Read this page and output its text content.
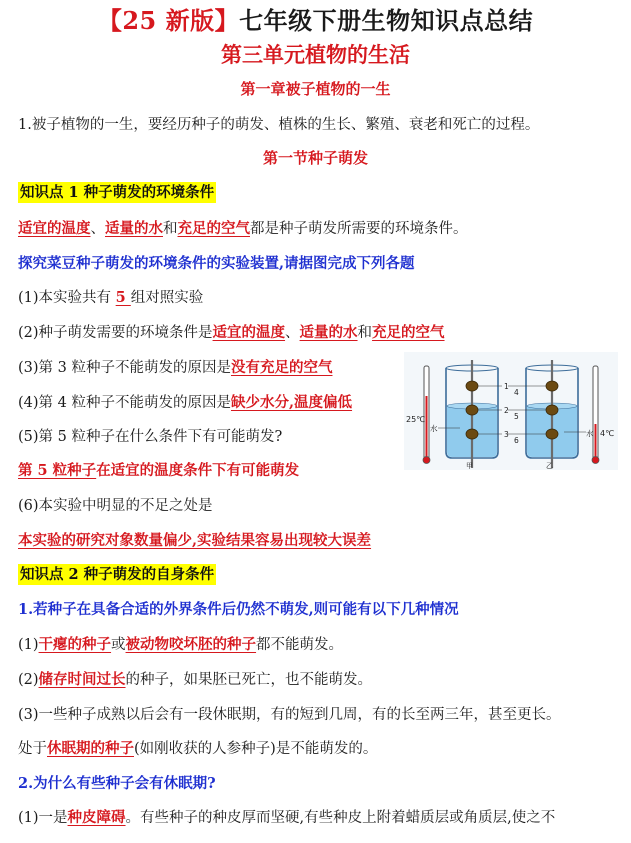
【25 新版】七年级下册生物知识点总结
第三单元植物的生活
第一章被子植物的一生
1.被子植物的一生，要经历种子的萌发、植株的生长、繁殖、衰老和死亡的过程。
第一节种子萌发
知识点 1 种子萌发的环境条件
适宜的温度、适量的水和充足的空气都是种子萌发所需要的环境条件。
探究菜豆种子萌发的环境条件的实验装置,请据图完成下列各题
(1)本实验共有 5 组对照实验
(2)种子萌发需要的环境条件是适宜的温度、适量的水和充足的空气
(3)第 3 粒种子不能萌发的原因是没有充足的空气
(4)第 4 粒种子不能萌发的原因是缺少水分,温度偏低
(5)第 5 粒种子在什么条件下有可能萌发?
第 5 粒种子在适宜的温度条件下有可能萌发
(6)本实验中明显的不足之处是
本实验的研究对象数量偏少,实验结果容易出现较大误差
知识点 2 种子萌发的自身条件
1.若种子在具备合适的外界条件后仍然不萌发,则可能有以下几种情况
(1)干瘪的种子或被动物咬坏胚的种子都不能萌发。
(2)储存时间过长的种子，如果胚已死亡，也不能萌发。
(3)一些种子成熟以后会有一段休眠期，有的短到几周，有的长至两三年，甚至更长。
处于休眠期的种子(如刚收获的人参种子)是不能萌发的。
2.为什么有些种子会有休眠期?
(1)一是种皮障碍。有些种子的种皮厚而坚硬,有些种皮上附着蜡质层或角质层,使之不
25℃
水
1
2
3
甲
4
5
6
水
乙
4℃
